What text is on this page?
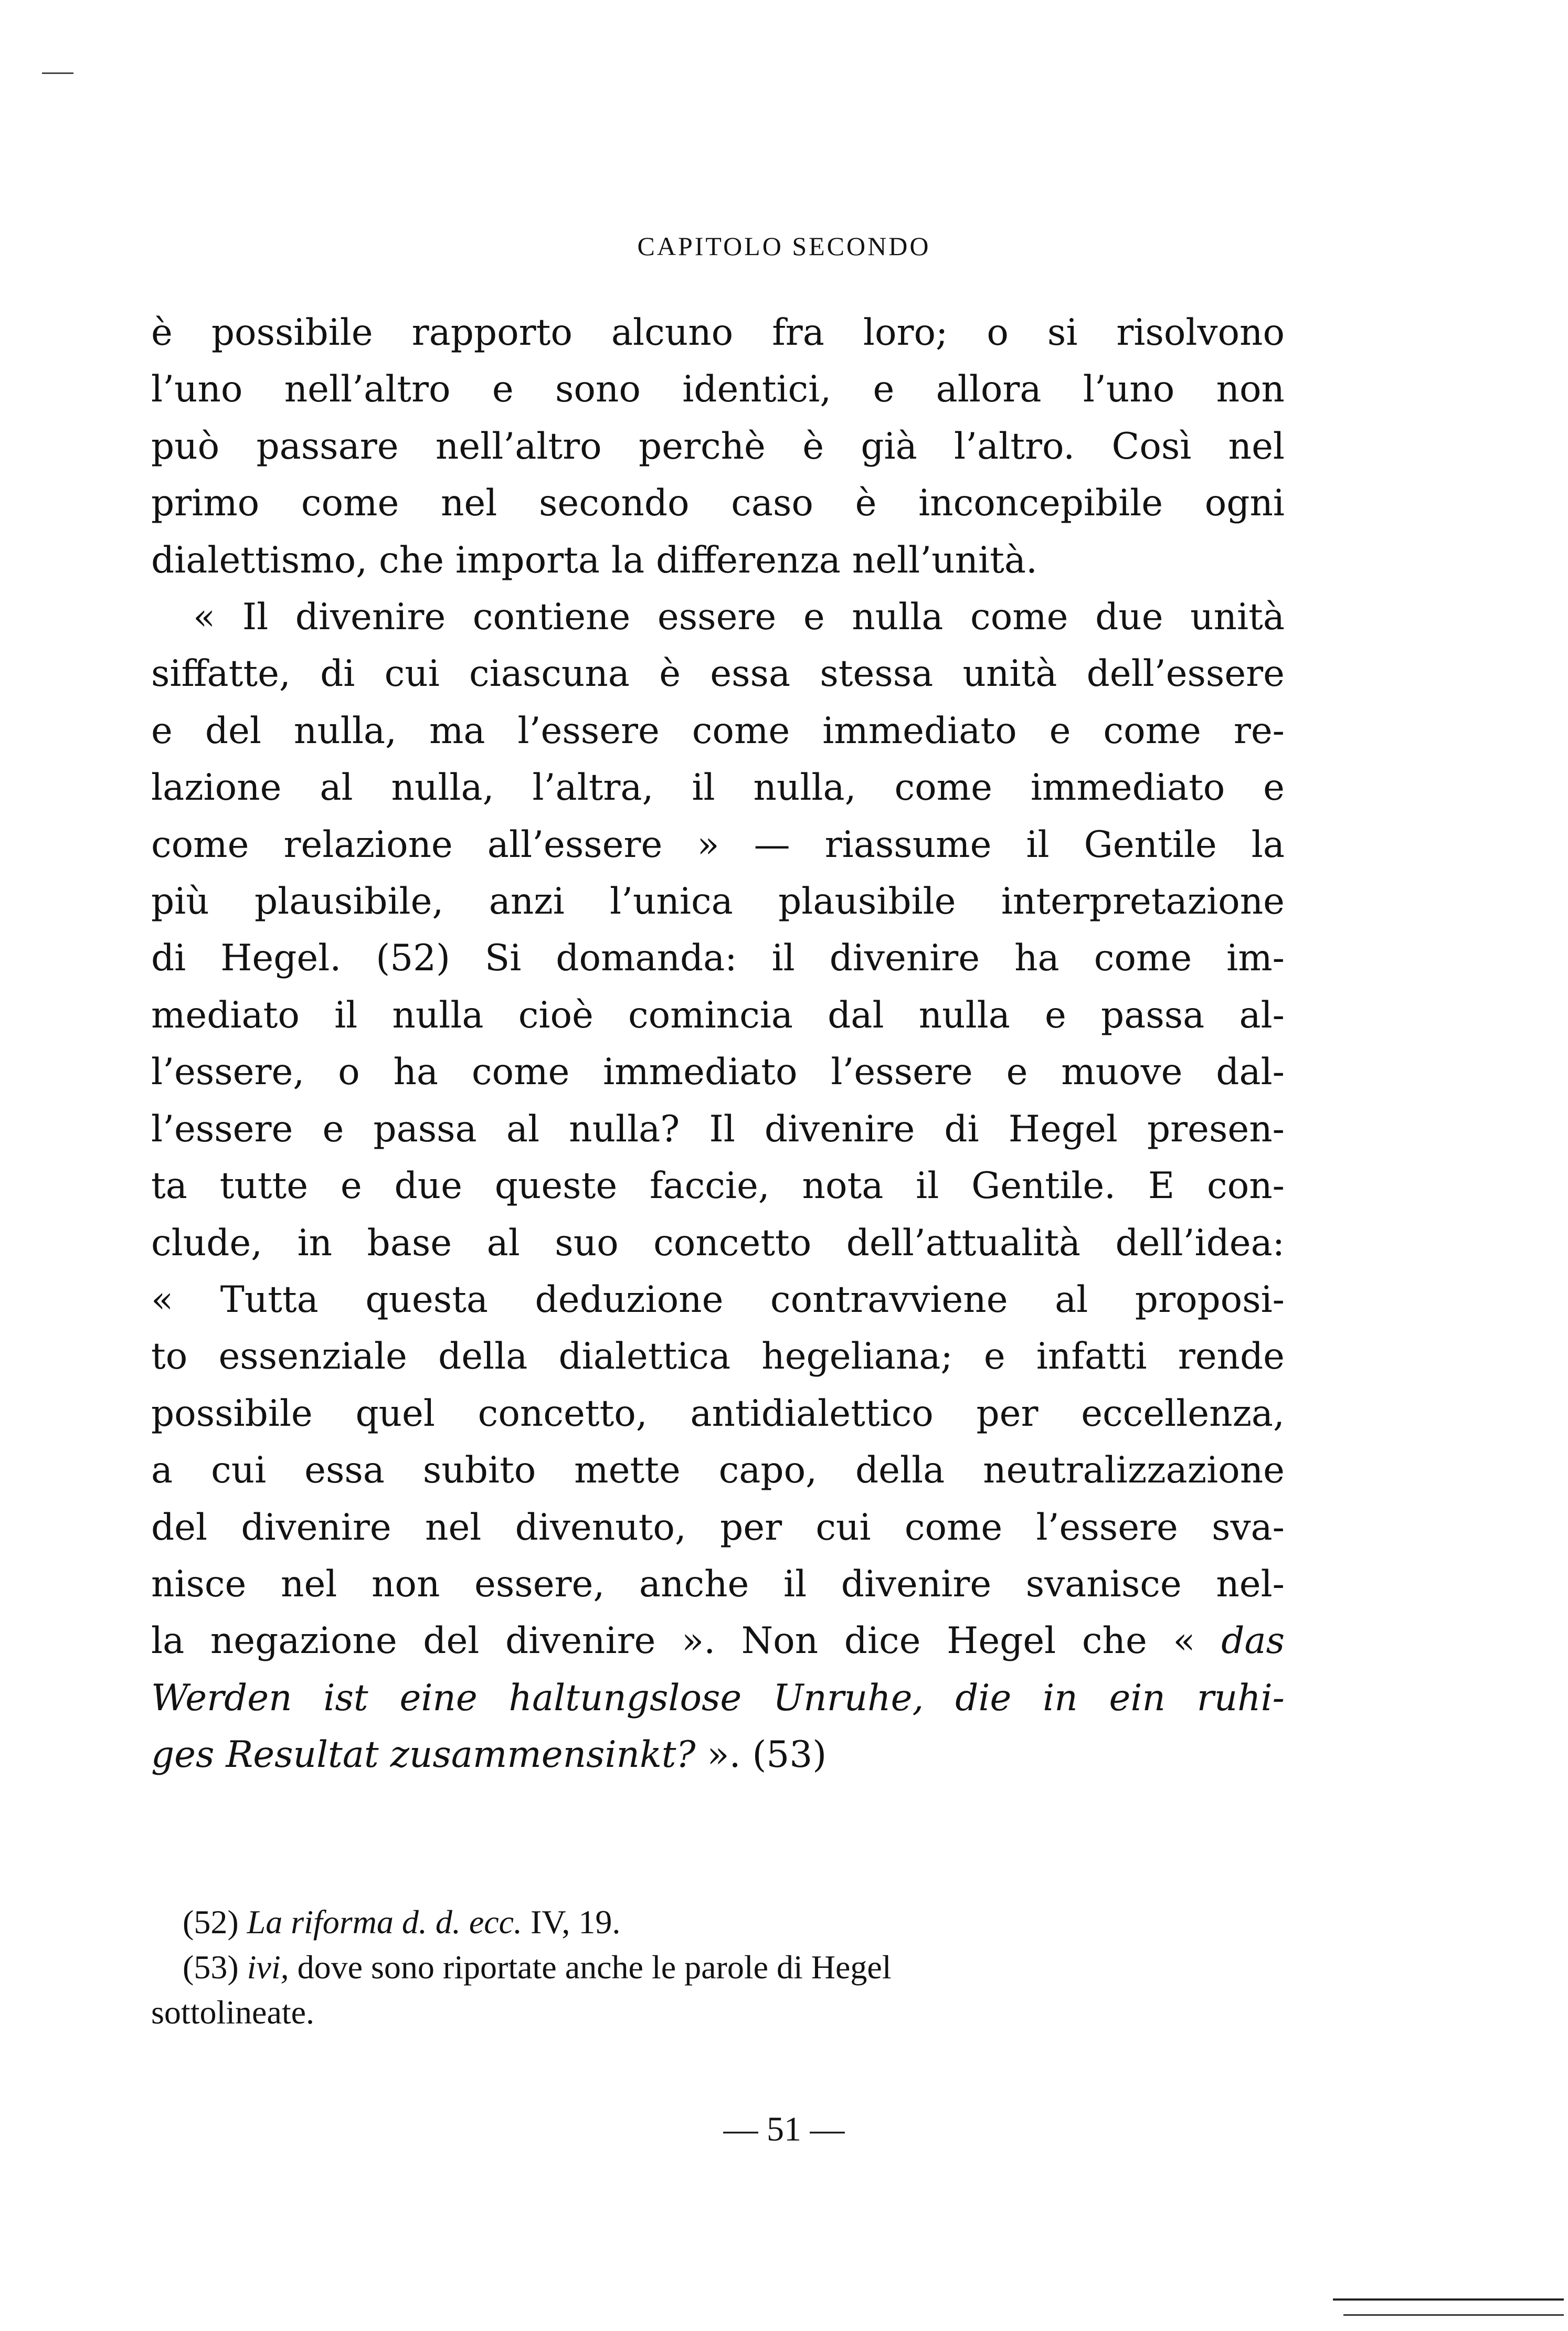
CAPITOLO SECONDO
è possibile rapporto alcuno fra loro; o si risolvono
l’uno nell’altro e sono identici, e allora l’uno non
può passare nell’altro perchè è già l’altro. Così nel
primo come nel secondo caso è inconcepibile ogni
dialettismo, che importa la differenza nell’unità.
« Il divenire contiene essere e nulla come due unità
siffatte, di cui ciascuna è essa stessa unità dell’essere
e del nulla, ma l’essere come immediato e come re-
lazione al nulla, l’altra, il nulla, come immediato e
come relazione all’essere » — riassume il Gentile la
più plausibile, anzi l’unica plausibile interpretazione
di Hegel. (52) Si domanda: il divenire ha come im-
mediato il nulla cioè comincia dal nulla e passa al-
l’essere, o ha come immediato l’essere e muove dal-
l’essere e passa al nulla? Il divenire di Hegel presen-
ta tutte e due queste faccie, nota il Gentile. E con-
clude, in base al suo concetto dell’attualità dell’idea:
« Tutta questa deduzione contravviene al proposi-
to essenziale della dialettica hegeliana; e infatti rende
possibile quel concetto, antidialettico per eccellenza,
a cui essa subito mette capo, della neutralizzazione
del divenire nel divenuto, per cui come l’essere sva-
nisce nel non essere, anche il divenire svanisce nel-
la negazione del divenire ». Non dice Hegel che « das
Werden ist eine haltungslose Unruhe, die in ein ruhi-
ges Resultat zusammensinkt? ». (53)
(52) La riforma d. d. ecc. IV, 19.
(53) ivi, dove sono riportate anche le parole di Hegel
sottolineate.
— 51 —
